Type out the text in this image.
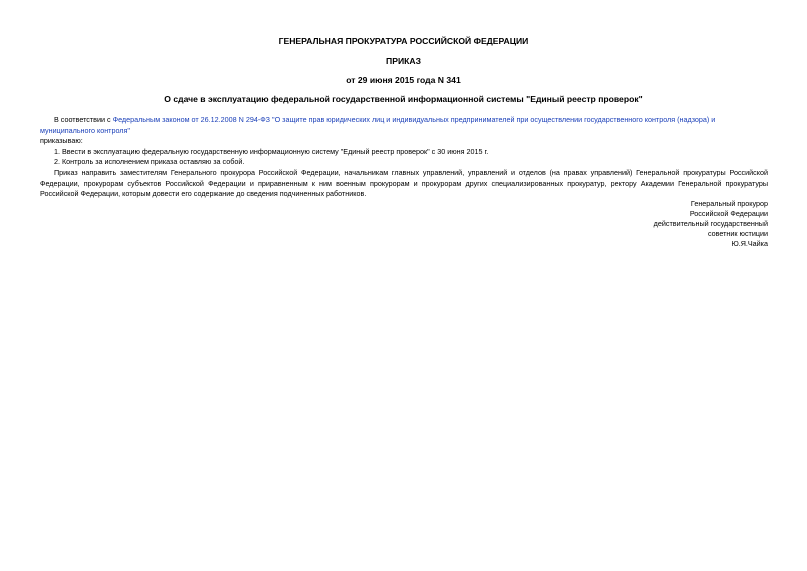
ГЕНЕРАЛЬНАЯ ПРОКУРАТУРА РОССИЙСКОЙ ФЕДЕРАЦИИ
ПРИКАЗ
от 29 июня 2015 года N 341
О сдаче в эксплуатацию федеральной государственной информационной системы "Единый реестр проверок"
В соответствии с Федеральным законом от 26.12.2008 N 294-ФЗ "О защите прав юридических лиц и индивидуальных предпринимателей при осуществлении государственного контроля (надзора) и муниципального контроля"
приказываю:
1. Ввести в эксплуатацию федеральную государственную информационную систему "Единый реестр проверок" с 30 июня 2015 г.
2. Контроль за исполнением приказа оставляю за собой.
Приказ направить заместителям Генерального прокурора Российской Федерации, начальникам главных управлений, управлений и отделов (на правах управлений) Генеральной прокуратуры Российской Федерации, прокурорам субъектов Российской Федерации и приравненным к ним военным прокурорам и прокурорам других специализированных прокуратур, ректору Академии Генеральной прокуратуры Российской Федерации, которым довести его содержание до сведения подчиненных работников.
Генеральный прокурор
Российской Федерации
действительный государственный
советник юстиции
Ю.Я.Чайка
